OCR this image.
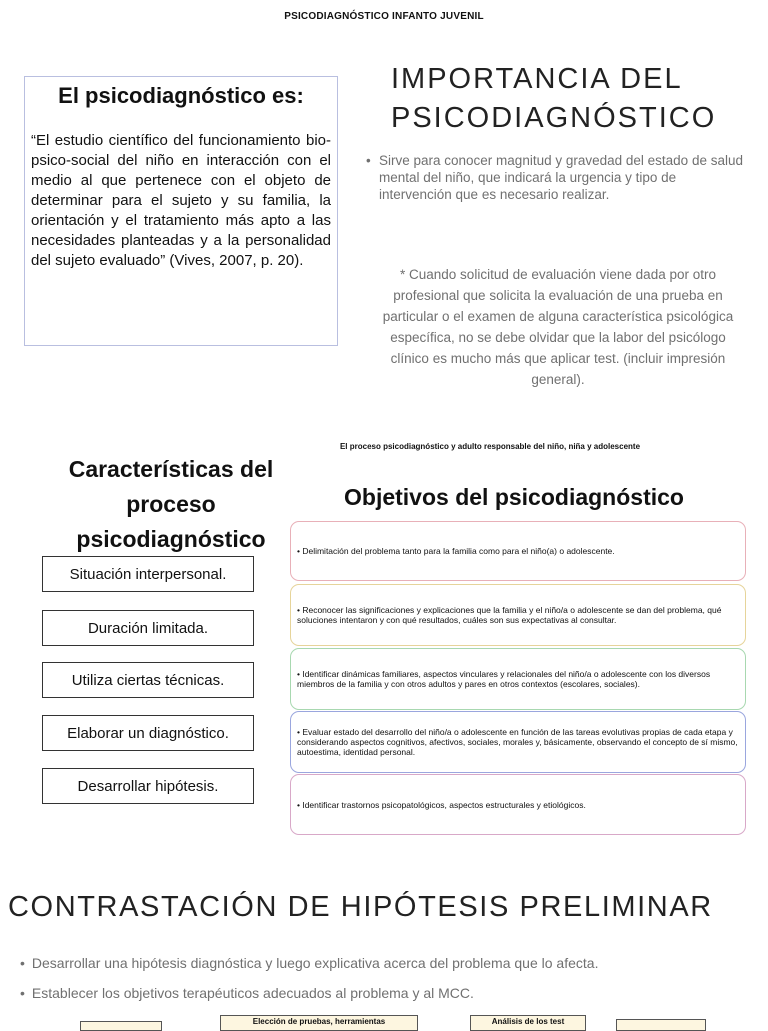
PSICODIAGNÓSTICO INFANTO JUVENIL
El psicodiagnóstico es:
“El estudio científico del funcionamiento bio-psico-social del niño en interacción con el medio al que pertenece con el objeto de determinar para el sujeto y su familia, la orientación y el tratamiento más apto a las necesidades planteadas y a la personalidad del sujeto evaluado” (Vives, 2007, p. 20).
IMPORTANCIA DEL
PSICODIAGNÓSTICO
• Sirve para conocer magnitud y gravedad del estado de salud mental del niño, que indicará la urgencia y tipo de intervención que es necesario realizar.
* Cuando solicitud de evaluación viene dada por otro profesional que solicita la evaluación de una prueba en particular o el examen de alguna característica psicológica específica, no se debe olvidar que la labor del psicólogo clínico es mucho más que aplicar test. (incluir impresión general).
El proceso psicodiagnóstico y adulto responsable del niño, niña y adolescente
Características del proceso psicodiagnóstico
Situación interpersonal.
Duración limitada.
Utiliza ciertas técnicas.
Elaborar un diagnóstico.
Desarrollar hipótesis.
Objetivos del psicodiagnóstico
• Delimitación del problema tanto para la familia como para el niño(a) o adolescente.
• Reconocer las significaciones y explicaciones que la familia y el niño/a o adolescente se dan del problema, qué soluciones intentaron y con qué resultados, cuáles son sus expectativas al consultar.
• Identificar dinámicas familiares, aspectos vinculares y relacionales del niño/a o adolescente con los diversos miembros de la familia y con otros adultos y pares en otros contextos (escolares, sociales).
• Evaluar estado del desarrollo del niño/a o adolescente en función de las tareas evolutivas propias de cada etapa y considerando aspectos cognitivos, afectivos, sociales, morales y, básicamente, observando el concepto de sí mismo, autoestima, identidad personal.
• Identificar trastornos psicopatológicos, aspectos estructurales y etiológicos.
CONTRASTACIÓN DE HIPÓTESIS PRELIMINAR
• Desarrollar una hipótesis diagnóstica y luego explicativa acerca del problema que lo afecta.
• Establecer los objetivos terapéuticos adecuados al problema y al MCC.
Elección de pruebas, herramientas	Análisis de los test
